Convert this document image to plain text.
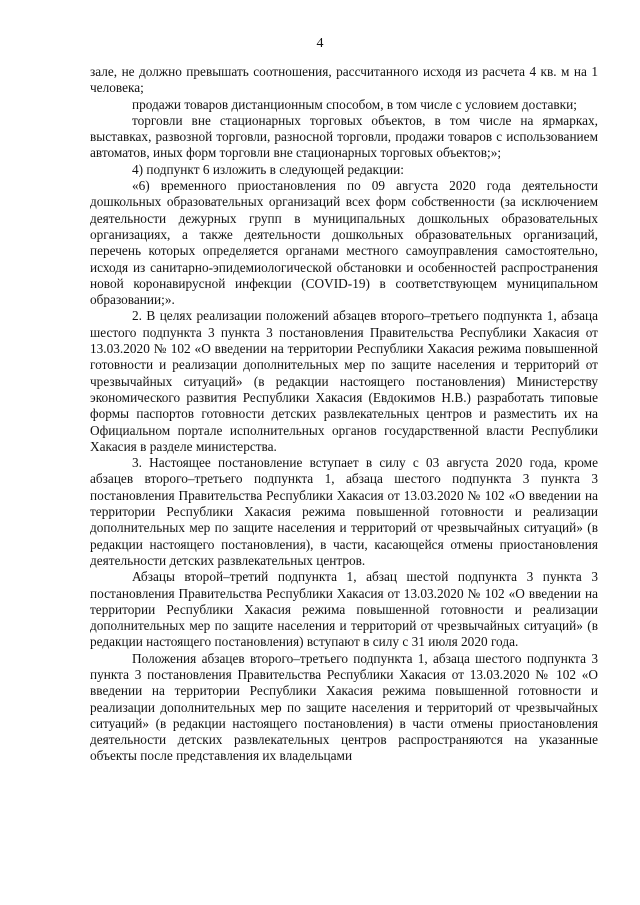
4

зале, не должно превышать соотношения, рассчитанного исходя из расчета 4 кв. м на 1 человека;

продажи товаров дистанционным способом, в том числе с условием доставки;

торговли вне стационарных торговых объектов, в том числе на ярмарках, выставках, развозной торговли, разносной торговли, продажи товаров с использованием автоматов, иных форм торговли вне стационарных торговых объектов;»;

4) подпункт 6 изложить в следующей редакции:

«6) временного приостановления по 09 августа 2020 года деятельности дошкольных образовательных организаций всех форм собственности (за исключением деятельности дежурных групп в муниципальных дошкольных образовательных организациях, а также деятельности дошкольных образовательных организаций, перечень которых определяется органами местного самоуправления самостоятельно, исходя из санитарно-эпидемиологической обстановки и особенностей распространения новой коронавирусной инфекции (COVID-19) в соответствующем муниципальном образовании;».

2. В целях реализации положений абзацев второго–третьего подпункта 1, абзаца шестого подпункта 3 пункта 3 постановления Правительства Республики Хакасия от 13.03.2020 № 102 «О введении на территории Республики Хакасия режима повышенной готовности и реализации дополнительных мер по защите населения и территорий от чрезвычайных ситуаций» (в редакции настоящего постановления) Министерству экономического развития Республики Хакасия (Евдокимов Н.В.) разработать типовые формы паспортов готовности детских развлекательных центров и разместить их на Официальном портале исполнительных органов государственной власти Республики Хакасия в разделе министерства.

3. Настоящее постановление вступает в силу с 03 августа 2020 года, кроме абзацев второго–третьего подпункта 1, абзаца шестого подпункта 3 пункта 3 постановления Правительства Республики Хакасия от 13.03.2020 № 102 «О введении на территории Республики Хакасия режима повышенной готовности и реализации дополнительных мер по защите населения и территорий от чрезвычайных ситуаций» (в редакции настоящего постановления), в части, касающейся отмены приостановления деятельности детских развлекательных центров.

Абзацы второй–третий подпункта 1, абзац шестой подпункта 3 пункта 3 постановления Правительства Республики Хакасия от 13.03.2020 № 102 «О введении на территории Республики Хакасия режима повышенной готовности и реализации дополнительных мер по защите населения и территорий от чрезвычайных ситуаций» (в редакции настоящего постановления) вступают в силу с 31 июля 2020 года.

Положения абзацев второго–третьего подпункта 1, абзаца шестого подпункта 3 пункта 3 постановления Правительства Республики Хакасия от 13.03.2020 № 102 «О введении на территории Республики Хакасия режима повышенной готовности и реализации дополнительных мер по защите населения и территорий от чрезвычайных ситуаций» (в редакции настоящего постановления) в части отмены приостановления деятельности детских развлекательных центров распространяются на указанные объекты после представления их владельцами
